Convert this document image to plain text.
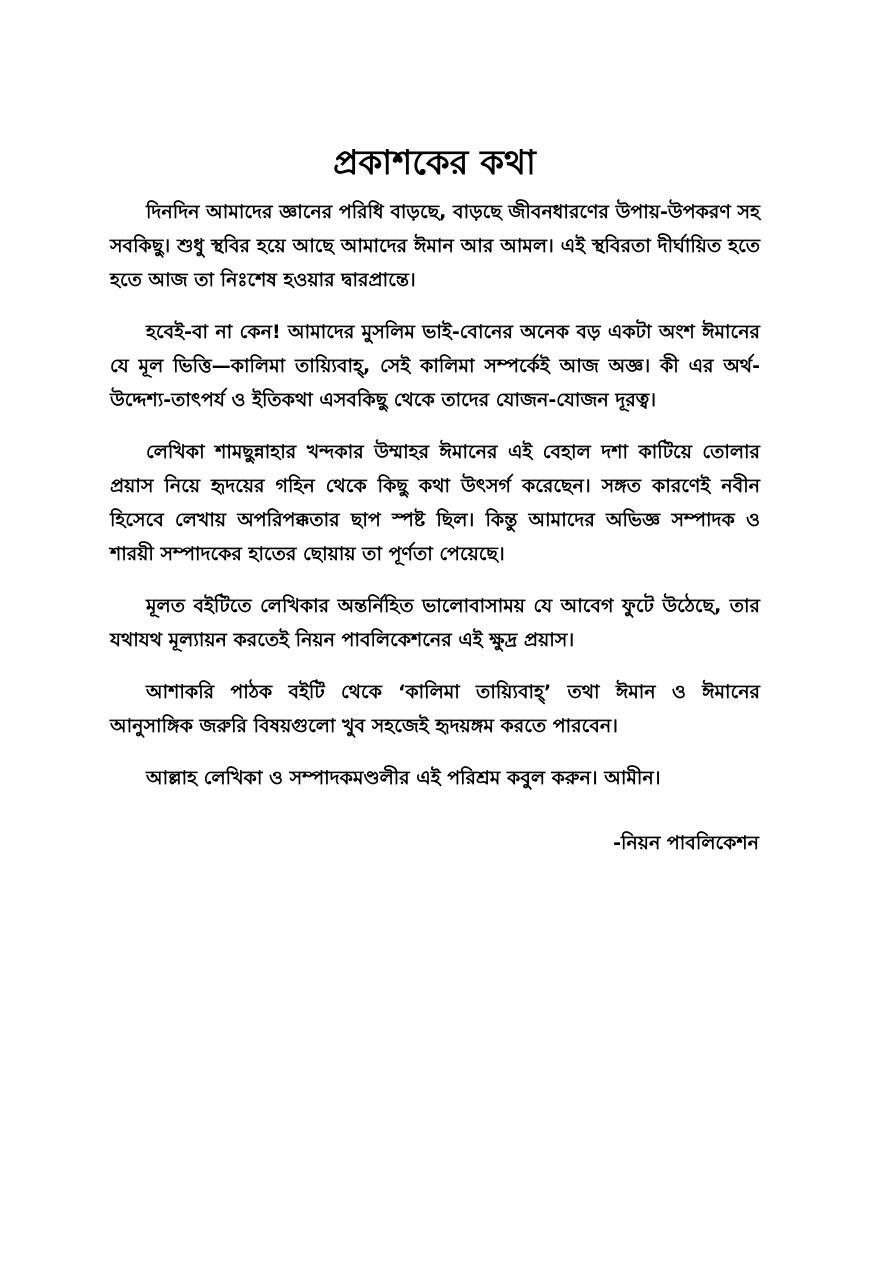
প্রকাশকের কথা

দিনদিন আমাদের জ্ঞানের পরিধি বাড়ছে, বাড়ছে জীবনধারণের উপায়-উপকরণ সহ সবকিছু। শুধু স্থবির হয়ে আছে আমাদের ঈমান আর আমল। এই স্থবিরতা দীর্ঘায়িত হতে হতে আজ তা নিঃশেষ হওয়ার দ্বারপ্রান্তে।

হবেই-বা না কেন! আমাদের মুসলিম ভাই-বোনের অনেক বড় একটা অংশ ঈমানের যে মূল ভিত্তি—কালিমা তায়্যিবাহ্, সেই কালিমা সম্পর্কেই আজ অজ্ঞ। কী এর অর্থ-উদ্দেশ্য-তাৎপর্য ও ইতিকথা এসবকিছু থেকে তাদের যোজন-যোজন দূরত্ব।

লেখিকা শামছুন্নাহার খন্দকার উম্মাহর ঈমানের এই বেহাল দশা কাটিয়ে তোলার প্রয়াস নিয়ে হৃদয়ের গহিন থেকে কিছু কথা উৎসর্গ করেছেন। সঙ্গত কারণেই নবীন হিসেবে লেখায় অপরিপক্কতার ছাপ স্পষ্ট ছিল। কিন্তু আমাদের অভিজ্ঞ সম্পাদক ও শারয়ী সম্পাদকের হাতের ছোয়ায় তা পূর্ণতা পেয়েছে।

মূলত বইটিতে লেখিকার অন্তর্নিহিত ভালোবাসাময় যে আবেগ ফুটে উঠেছে, তার যথাযথ মূল্যায়ন করতেই নিয়ন পাবলিকেশনের এই ক্ষুদ্র প্রয়াস।

আশাকরি পাঠক বইটি থেকে ‘কালিমা তায়্যিবাহ্’ তথা ঈমান ও ঈমানের আনুসাঙ্গিক জরুরি বিষয়গুলো খুব সহজেই হৃদয়ঙ্গম করতে পারবেন।

আল্লাহ লেখিকা ও সম্পাদকমণ্ডলীর এই পরিশ্রম কবুল করুন। আমীন।

-নিয়ন পাবলিকেশন
